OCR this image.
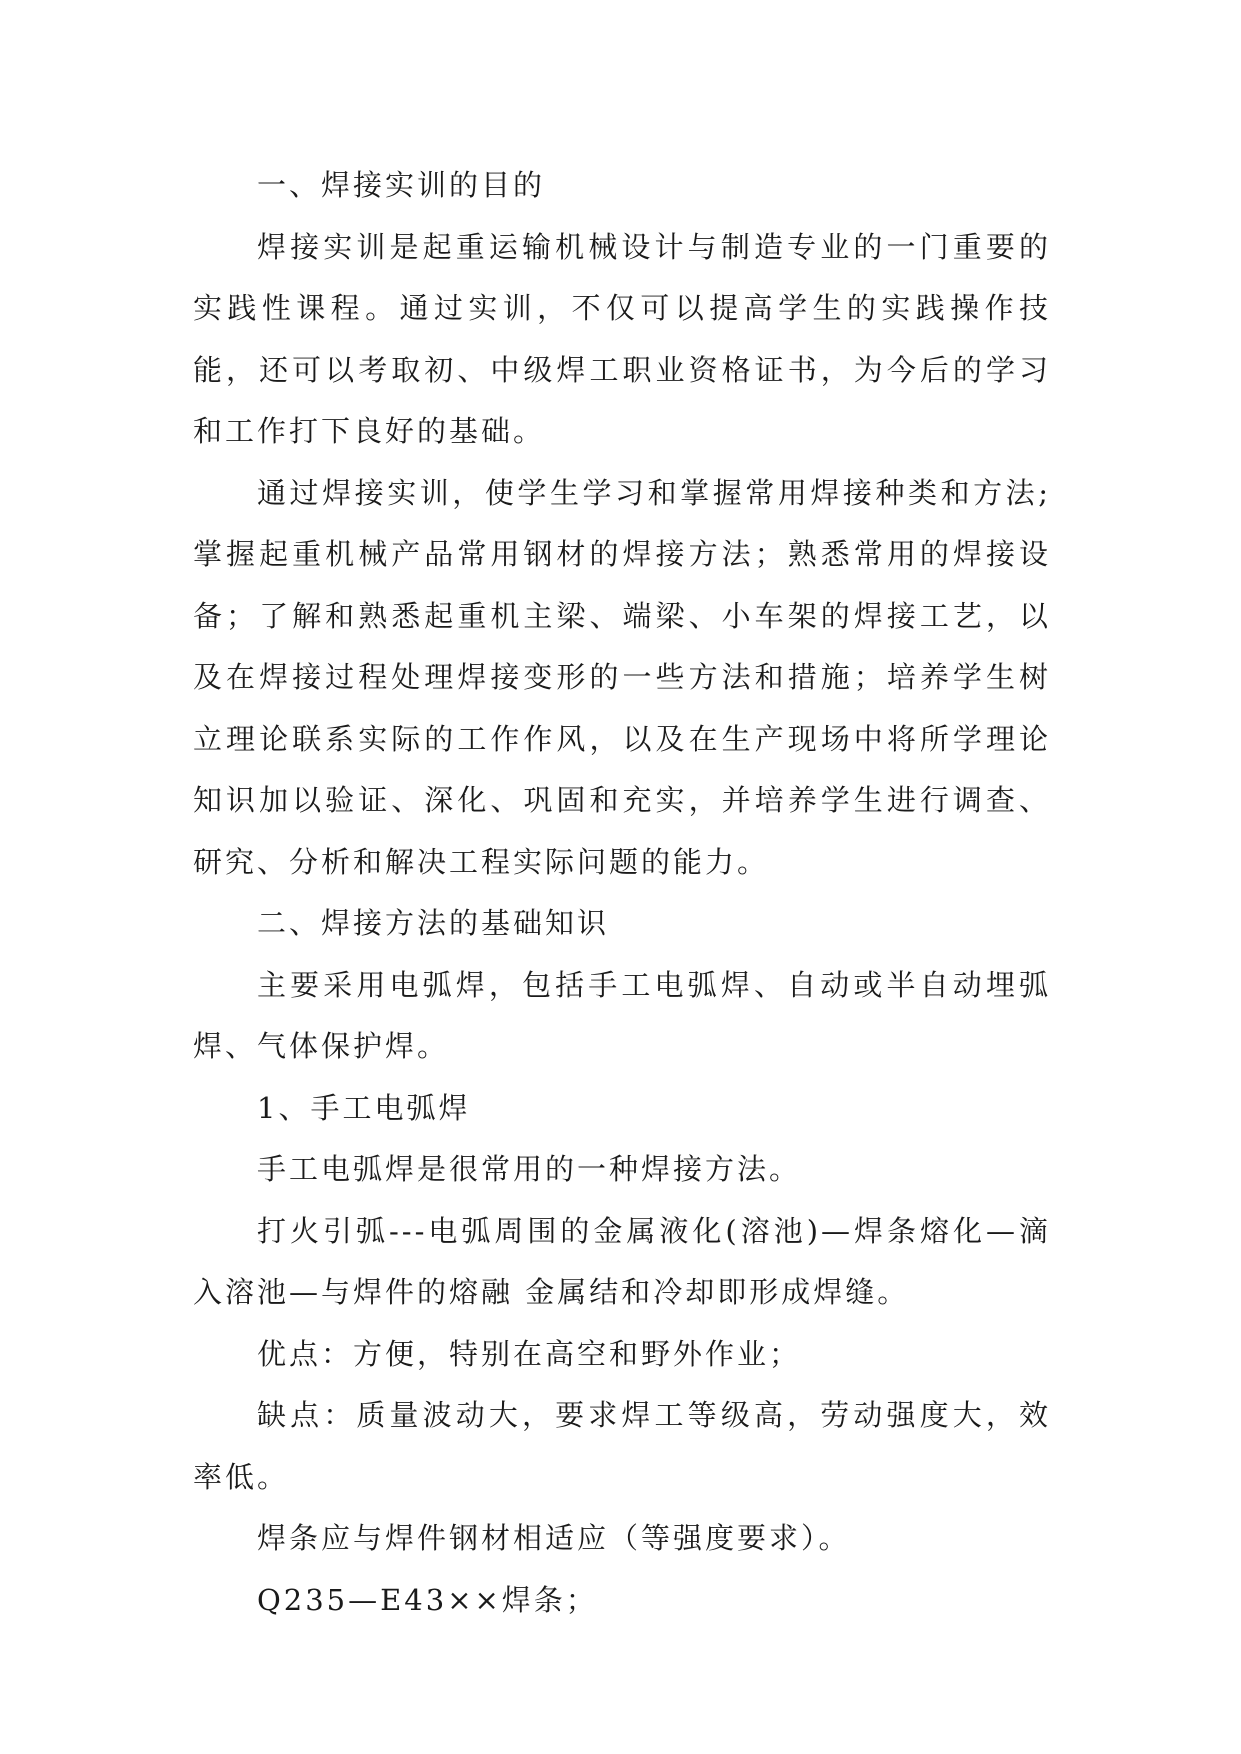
一、焊接实训的目的

焊接实训是起重运输机械设计与制造专业的一门重要的实践性课程。通过实训，不仅可以提高学生的实践操作技能，还可以考取初、中级焊工职业资格证书，为今后的学习和工作打下良好的基础。

通过焊接实训，使学生学习和掌握常用焊接种类和方法;掌握起重机械产品常用钢材的焊接方法；熟悉常用的焊接设备；了解和熟悉起重机主梁、端梁、小车架的焊接工艺，以及在焊接过程处理焊接变形的一些方法和措施；培养学生树立理论联系实际的工作作风，以及在生产现场中将所学理论知识加以验证、深化、巩固和充实，并培养学生进行调查、研究、分析和解决工程实际问题的能力。

二、焊接方法的基础知识

主要采用电弧焊，包括手工电弧焊、自动或半自动埋弧焊、气体保护焊。

1、手工电弧焊

手工电弧焊是很常用的一种焊接方法。

打火引弧---电弧周围的金属液化(溶池)—焊条熔化—滴入溶池—与焊件的熔融 金属结和冷却即形成焊缝。

优点：方便，特别在高空和野外作业；

缺点：质量波动大，要求焊工等级高，劳动强度大，效率低。

焊条应与焊件钢材相适应（等强度要求）。

Q235—E43××焊条；
